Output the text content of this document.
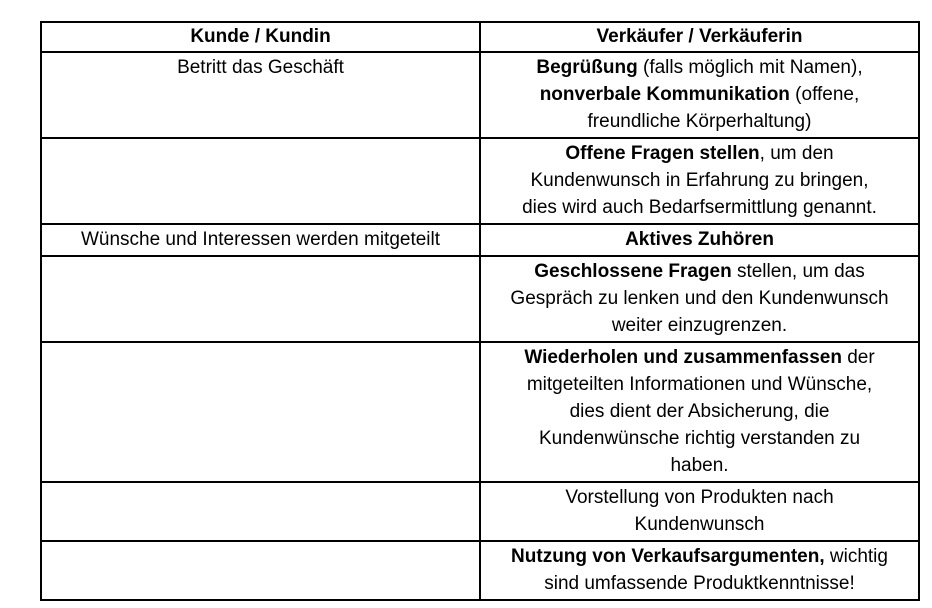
Kunde / Kundin	Verkäufer / Verkäuferin

Betritt das Geschäft	Begrüßung (falls möglich mit Namen),
nonverbale Kommunikation (offene,
freundliche Körperhaltung)

	Offene Fragen stellen, um den
Kundenwunsch in Erfahrung zu bringen,
dies wird auch Bedarfsermittlung genannt.

Wünsche und Interessen werden mitgeteilt	Aktives Zuhören

	Geschlossene Fragen stellen, um das
Gespräch zu lenken und den Kundenwunsch
weiter einzugrenzen.

	Wiederholen und zusammenfassen der
mitgeteilten Informationen und Wünsche,
dies dient der Absicherung, die
Kundenwünsche richtig verstanden zu
haben.

	Vorstellung von Produkten nach
Kundenwunsch

	Nutzung von Verkaufsargumenten, wichtig
sind umfassende Produktkenntnisse!
